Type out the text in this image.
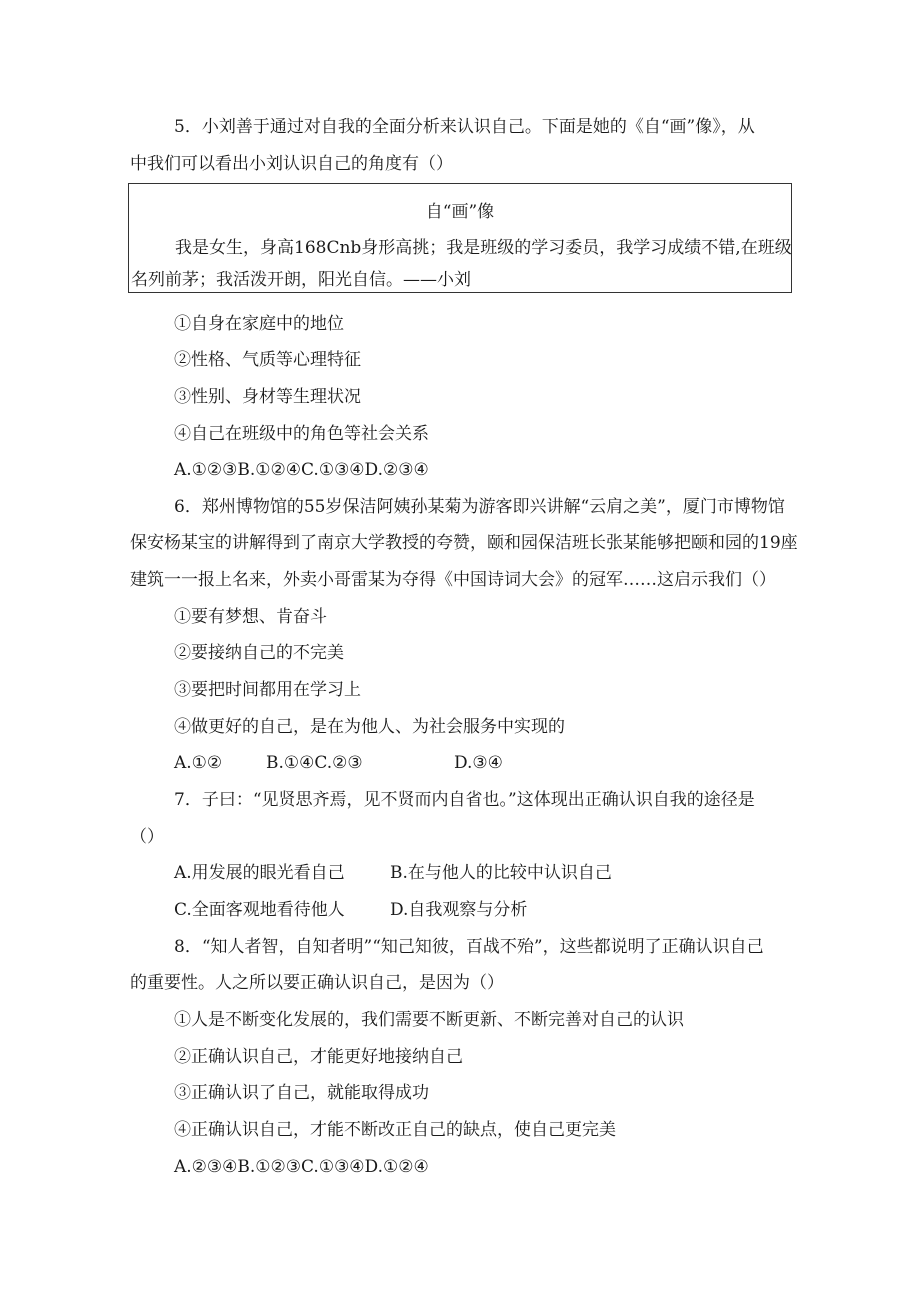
5．小刘善于通过对自我的全面分析来认识自己。下面是她的《自“画”像》，从
中我们可以看出小刘认识自己的角度有（）
自“画”像
我是女生，身高168Cnb身形高挑；我是班级的学习委员，我学习成绩不错,在班级
名列前茅；我活泼开朗，阳光自信。——小刘
①自身在家庭中的地位
②性格、气质等心理特征
③性别、身材等生理状况
④自己在班级中的角色等社会关系
A.①②③B.①②④C.①③④D.②③④
6．郑州博物馆的55岁保洁阿姨孙某菊为游客即兴讲解“云肩之美”，厦门市博物馆
保安杨某宝的讲解得到了南京大学教授的夸赞，颐和园保洁班长张某能够把颐和园的19座
建筑一一报上名来，外卖小哥雷某为夺得《中国诗词大会》的冠军……这启示我们（）
①要有梦想、肯奋斗
②要接纳自己的不完美
③要把时间都用在学习上
④做更好的自己，是在为他人、为社会服务中实现的
A.①②	B.①④C.②③	D.③④
7．子曰：“见贤思齐焉，见不贤而内自省也。”这体现出正确认识自我的途径是
（）
A.用发展的眼光看自己	B.在与他人的比较中认识自己
C.全面客观地看待他人	D.自我观察与分析
8．“知人者智，自知者明”“知己知彼，百战不殆”，这些都说明了正确认识自己
的重要性。人之所以要正确认识自己，是因为（）
①人是不断变化发展的，我们需要不断更新、不断完善对自己的认识
②正确认识自己，才能更好地接纳自己
③正确认识了自己，就能取得成功
④正确认识自己，才能不断改正自己的缺点，使自己更完美
A.②③④B.①②③C.①③④D.①②④
